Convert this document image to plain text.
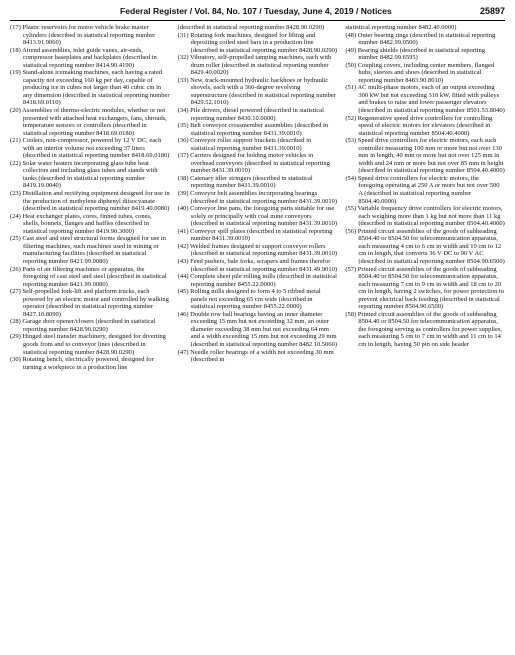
Federal Register / Vol. 84, No. 107 / Tuesday, June 4, 2019 / Notices	25897

(17) Plastic reservoirs for motor vehicle brake master cylinders (described in statistical reporting number 8413.91.9060)

(18) Airend assemblies, inlet guide vanes, air-ends, compressor baseplates and backplates (described in statistical reporting number 8414.90.4190)

(19) Stand-alone icemaking machines, each having a rated capacity not exceeding 160 kg per day, capable of producing ice in cubes not larger than 40 cubic cm in any dimension (described in statistical reporting number 8418.69.0110)

(20) Assemblies of thermo-electric modules, whether or not presented with attached heat exchangers, fans, shrouds, temperature sensors or controllers (described in statistical reporting number 8418.69.0180)

(21) Coolers, non-compressor, powered by 12 V DC, each with an interior volume not exceeding 37 liters (described in statistical reporting number 8418.69.0180)

(22) Solar water heaters incorporating glass tube heat collectors and including glass tubes and stands with tanks (described in statistical reporting number 8419.19.0040)

(23) Distillation and rectifying equipment designed for use in the production of methylene diphenyl diisocyanate (described in statistical reporting number 8419.40.0080)

(24) Heat exchanger plates, cores, finned tubes, cones, shells, bonnets, flanges and baffles (described in statistical reporting number 8419.90.3000)

(25) Cast steel and steel structural forms designed for use in filtering machines, such machines used in mining or manufacturing facilities (described in statistical reporting number 8421.99.0080)

(26) Parts of air filtering machines or apparatus, the foregoing of cast steel and steel (described in statistical reporting number 8421.99.0080)

(27) Self-propelled fork-lift and platform trucks, each powered by an electric motor and controlled by walking operator (described in statistical reporting number 8427.10.8090)

(28) Garage door opener/closers (described in statistical reporting number 8428.90.0290)

(29) Hinged steel transfer machinery, designed for diverting goods from and to conveyor lines (described in statistical reporting number 8428.90.0290)

(30) Rotating bench, electrically powered, designed for turning a workpiece in a production line

(described in statistical reporting number 8428.90.0290)

(31) Rotating fork machines, designed for lifting and depositing coiled steel bars in a production line (described in statistical reporting number 8428.90.0290)

(32) Vibratory, self-propelled tamping machines, each with drum roller (described in statistical reporting number 8429.40.0020)

(33) New, track-mounted hydraulic backhoes or hydraulic shovels, each with a 360-degree revolving superstructure (described in statistical reporting number 8429.52.1010)

(34) Pile drivers, diesel powered (described in statistical reporting number 8430.10.0000)

(35) Belt conveyor crossmember assemblies (described in statistical reporting number 8431.39.0010)

(36) Conveyor roller support brackets (described in statistical reporting number 8431.39.0010)

(37) Carriers designed for holding motor vehicles in overhead conveyors (described in statistical reporting number 8431.39.0010)

(38) Catenary idler stringers (described in statistical reporting number 8431.39.0010)

(39) Conveyor belt assemblies incorporating bearings (described in statistical reporting number 8431.39.0010)

(40) Conveyor line pans, the foregoing parts suitable for use solely or principally with coal mine conveyors (described in statistical reporting number 8431.39.0010)

(41) Conveyor spill plates (described in statistical reporting number 8431.39.0010)

(42) Welded frames designed to support conveyor rollers (described in statistical reporting number 8431.39.0010)

(43) Feed pushers, bale forks, scrapers and frames therefor (described in statistical reporting number 8431.49.9010)

(44) Complete sheet pile rolling mills (described in statistical reporting number 8455.22.0000)

(45) Rolling mills designed to form 4 to 5 ribbed metal panels not exceeding 65 cm wide (described in statistical reporting number 8455.22.0000)

(46) Double row ball bearings having an inner diameter exceeding 15 mm but not exceeding 32 mm, an outer diameter exceeding 38 mm but not exceeding 64 mm and a width exceeding 15 mm but not exceeding 29 mm (described in statistical reporting number 8482.10.5060)

(47) Needle roller bearings of a width not exceeding 30 mm (described in

statistical reporting number 8482.40.0000)

(48) Outer bearing rings (described in statistical reporting number 8482.99.0500)

(49) Bearing shields (described in statistical reporting number 8482.99.6595)

(50) Coupling covers, including center members, flanged hubs, sleeves and shoes (described in statistical reporting number 8483.90.8010)

(51) AC multi-phase motors, each of an output exceeding 300 kW but not exceeding 310 kW, fitted with pulleys and brakes to raise and lower passenger elevators (described in statistical reporting number 8501.53.8040)

(52) Regenerative speed drive controllers for controlling speed of electric motors for elevators (described in statistical reporting number 8504.40.4000)

(53) Speed drive controllers for electric motors, each such controller measuring 100 mm or more but not over 130 mm in length, 40 mm or more but not over 125 mm in width and 24 mm or more but not over 85 mm in height (described in statistical reporting number 8504.40.4000)

(54) Speed drive controllers for electric motors, the foregoing operating at 250 A or more but not over 500 A (described in statistical reporting number 8504.40.0000)

(55) Variable frequency drive controllers for electric motors, each weighing more than 1 kg but not more than 11 kg (described in statistical reporting number 8504.40.4000)

(56) Printed circuit assemblies of the goods of subheading 8504.40 or 8504.50 for telecommunication apparatus, each measuring 4 cm to 6 cm in width and 10 cm to 12 cm in length, that converts 36 V DC to 90 V AC (described in statistical reporting number 8504.90.6500)

(57) Printed circuit assemblies of the goods of subheading 8504.40 or 8504.50 for telecommunication apparatus, each measuring 7 cm to 9 cm in width and 18 cm to 20 cm in length, having 2 switches, for power protection to prevent electrical back feeding (described in statistical reporting number 8504.90.6500)

(58) Printed circuit assemblies of the goods of subheading 8504.40 or 8504.50 for telecommunication apparatus, the foregoing serving as controllers for power supplies, each measuring 5 cm to 7 cm in width and 11 cm to 14 cm in length, having 50 pin on side header
